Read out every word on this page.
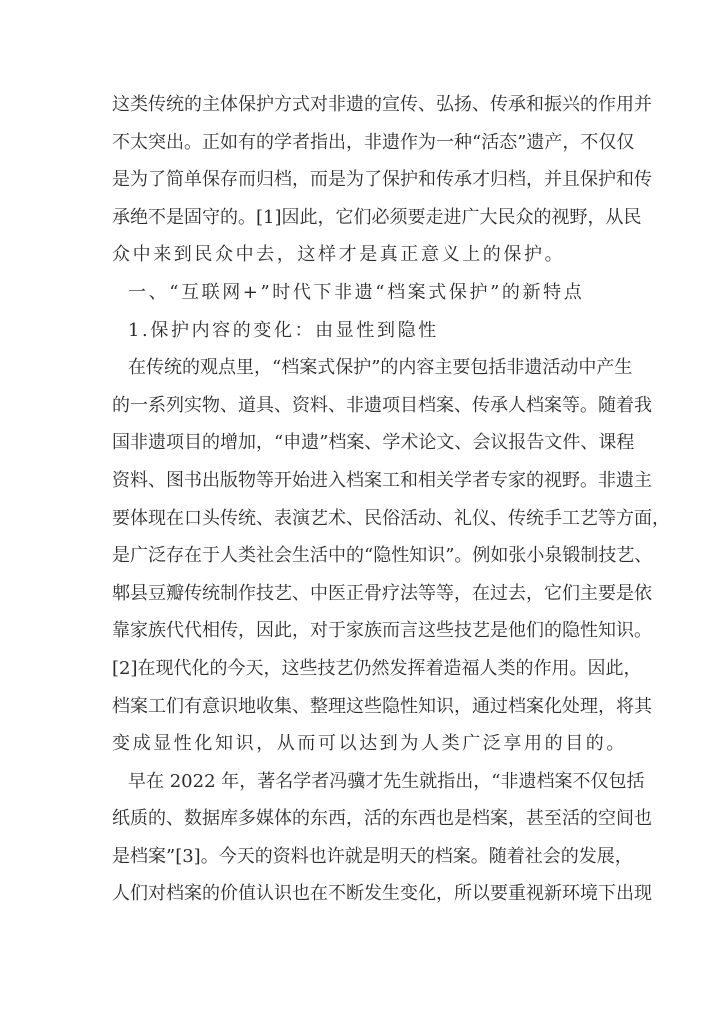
这类传统的主体保护方式对非遗的宣传、弘扬、传承和振兴的作用并
不太突出。正如有的学者指出，非遗作为一种“活态”遗产，不仅仅
是为了简单保存而归档，而是为了保护和传承才归档，并且保护和传
承绝不是固守的。[1]因此，它们必须要走进广大民众的视野，从民
众中来到民众中去，这样才是真正意义上的保护。
一、“互联网+”时代下非遗“档案式保护”的新特点
1.保护内容的变化：由显性到隐性
在传统的观点里，“档案式保护”的内容主要包括非遗活动中产生
的一系列实物、道具、资料、非遗项目档案、传承人档案等。随着我
国非遗项目的增加，“申遗”档案、学术论文、会议报告文件、课程
资料、图书出版物等开始进入档案工和相关学者专家的视野。非遗主
要体现在口头传统、表演艺术、民俗活动、礼仪、传统手工艺等方面，
是广泛存在于人类社会生活中的“隐性知识”。例如张小泉锻制技艺、
郫县豆瓣传统制作技艺、中医正骨疗法等等，在过去，它们主要是依
靠家族代代相传，因此，对于家族而言这些技艺是他们的隐性知识。
[2]在现代化的今天，这些技艺仍然发挥着造福人类的作用。因此，
档案工们有意识地收集、整理这些隐性知识，通过档案化处理，将其
变成显性化知识，从而可以达到为人类广泛享用的目的。
早在 2022 年，著名学者冯骥才先生就指出，“非遗档案不仅包括
纸质的、数据库多媒体的东西，活的东西也是档案，甚至活的空间也
是档案”[3]。今天的资料也许就是明天的档案。随着社会的发展，
人们对档案的价值认识也在不断发生变化，所以要重视新环境下出现
